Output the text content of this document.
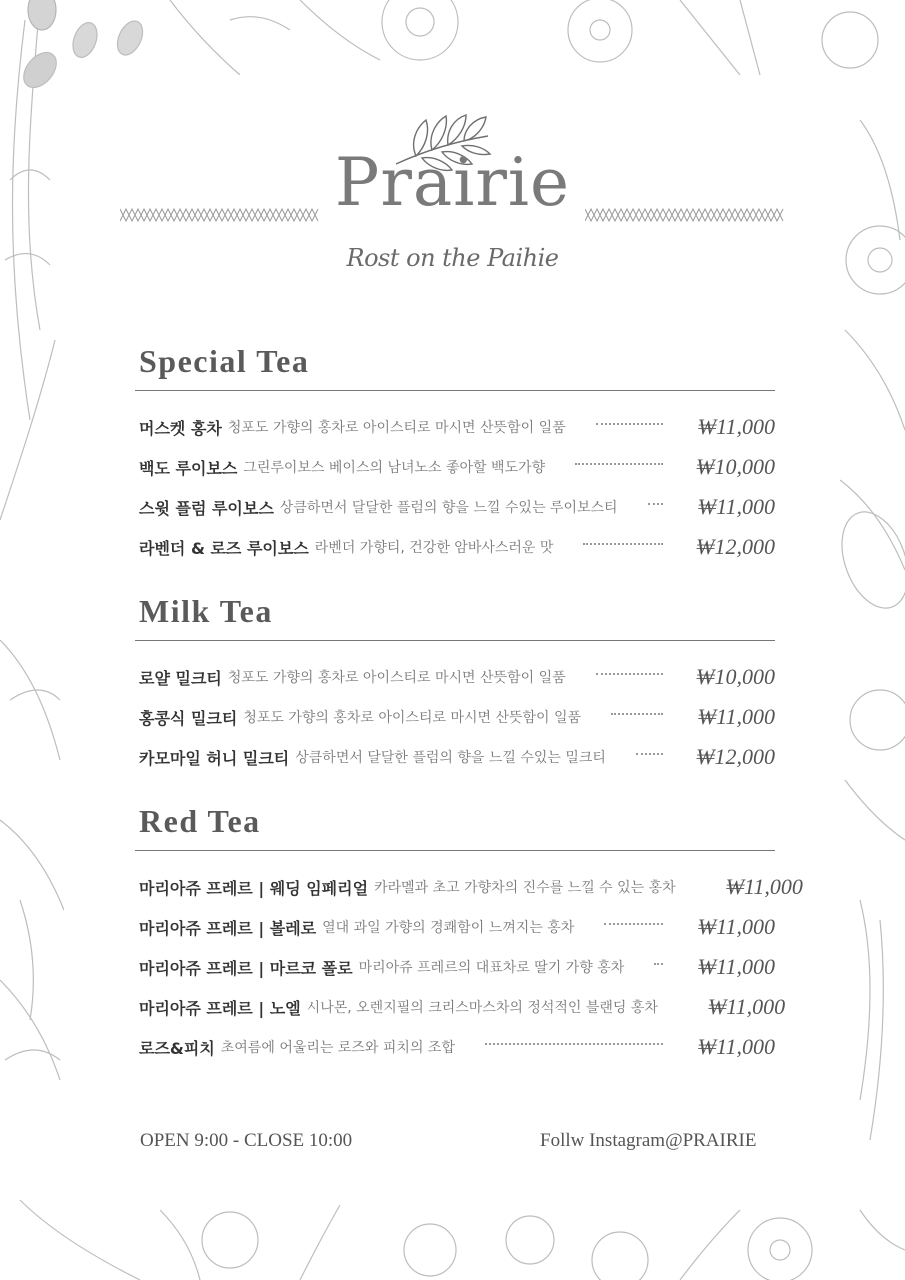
Prairie
Rost on the Paihie
Special Tea
머스켓 홍차 청포도 가향의 홍차로 아이스티로 마시면 산뜻함이 일품	₩11,000
백도 루이보스 그린루이보스 베이스의 남녀노소 좋아할 백도가향	₩10,000
스윗 플럼 루이보스 상큼하면서 달달한 플럼의 향을 느낄 수있는 루이보스티	₩11,000
라벤더 & 로즈 루이보스 라벤더 가향티, 건강한 암바사스러운 맛	₩12,000
Milk Tea
로얄 밀크티 청포도 가향의 홍차로 아이스티로 마시면 산뜻함이 일품	₩10,000
홍콩식 밀크티 청포도 가향의 홍차로 아이스티로 마시면 산뜻함이 일품	₩11,000
카모마일 허니 밀크티 상큼하면서 달달한 플럼의 향을 느낄 수있는 밀크티	₩12,000
Red Tea
마리아쥬 프레르 | 웨딩 임페리얼 카라멜과 초고 가향차의 진수를 느낄 수 있는 홍차 ₩11,000
마리아쥬 프레르 | 볼레로 열대 과일 가향의 경쾌함이 느껴지는 홍차	₩11,000
마리아쥬 프레르 | 마르코 폴로 마리아쥬 프레르의 대표차로 딸기 가향 홍차	₩11,000
마리아쥬 프레르 | 노엘 시나몬, 오렌지필의 크리스마스차의 정석적인 블랜딩 홍차 ₩11,000
로즈&피치 초여름에 어울리는 로즈와 피치의 조합	₩11,000
OPEN 9:00 - CLOSE 10:00	Follw Instagram@PRAIRIE
